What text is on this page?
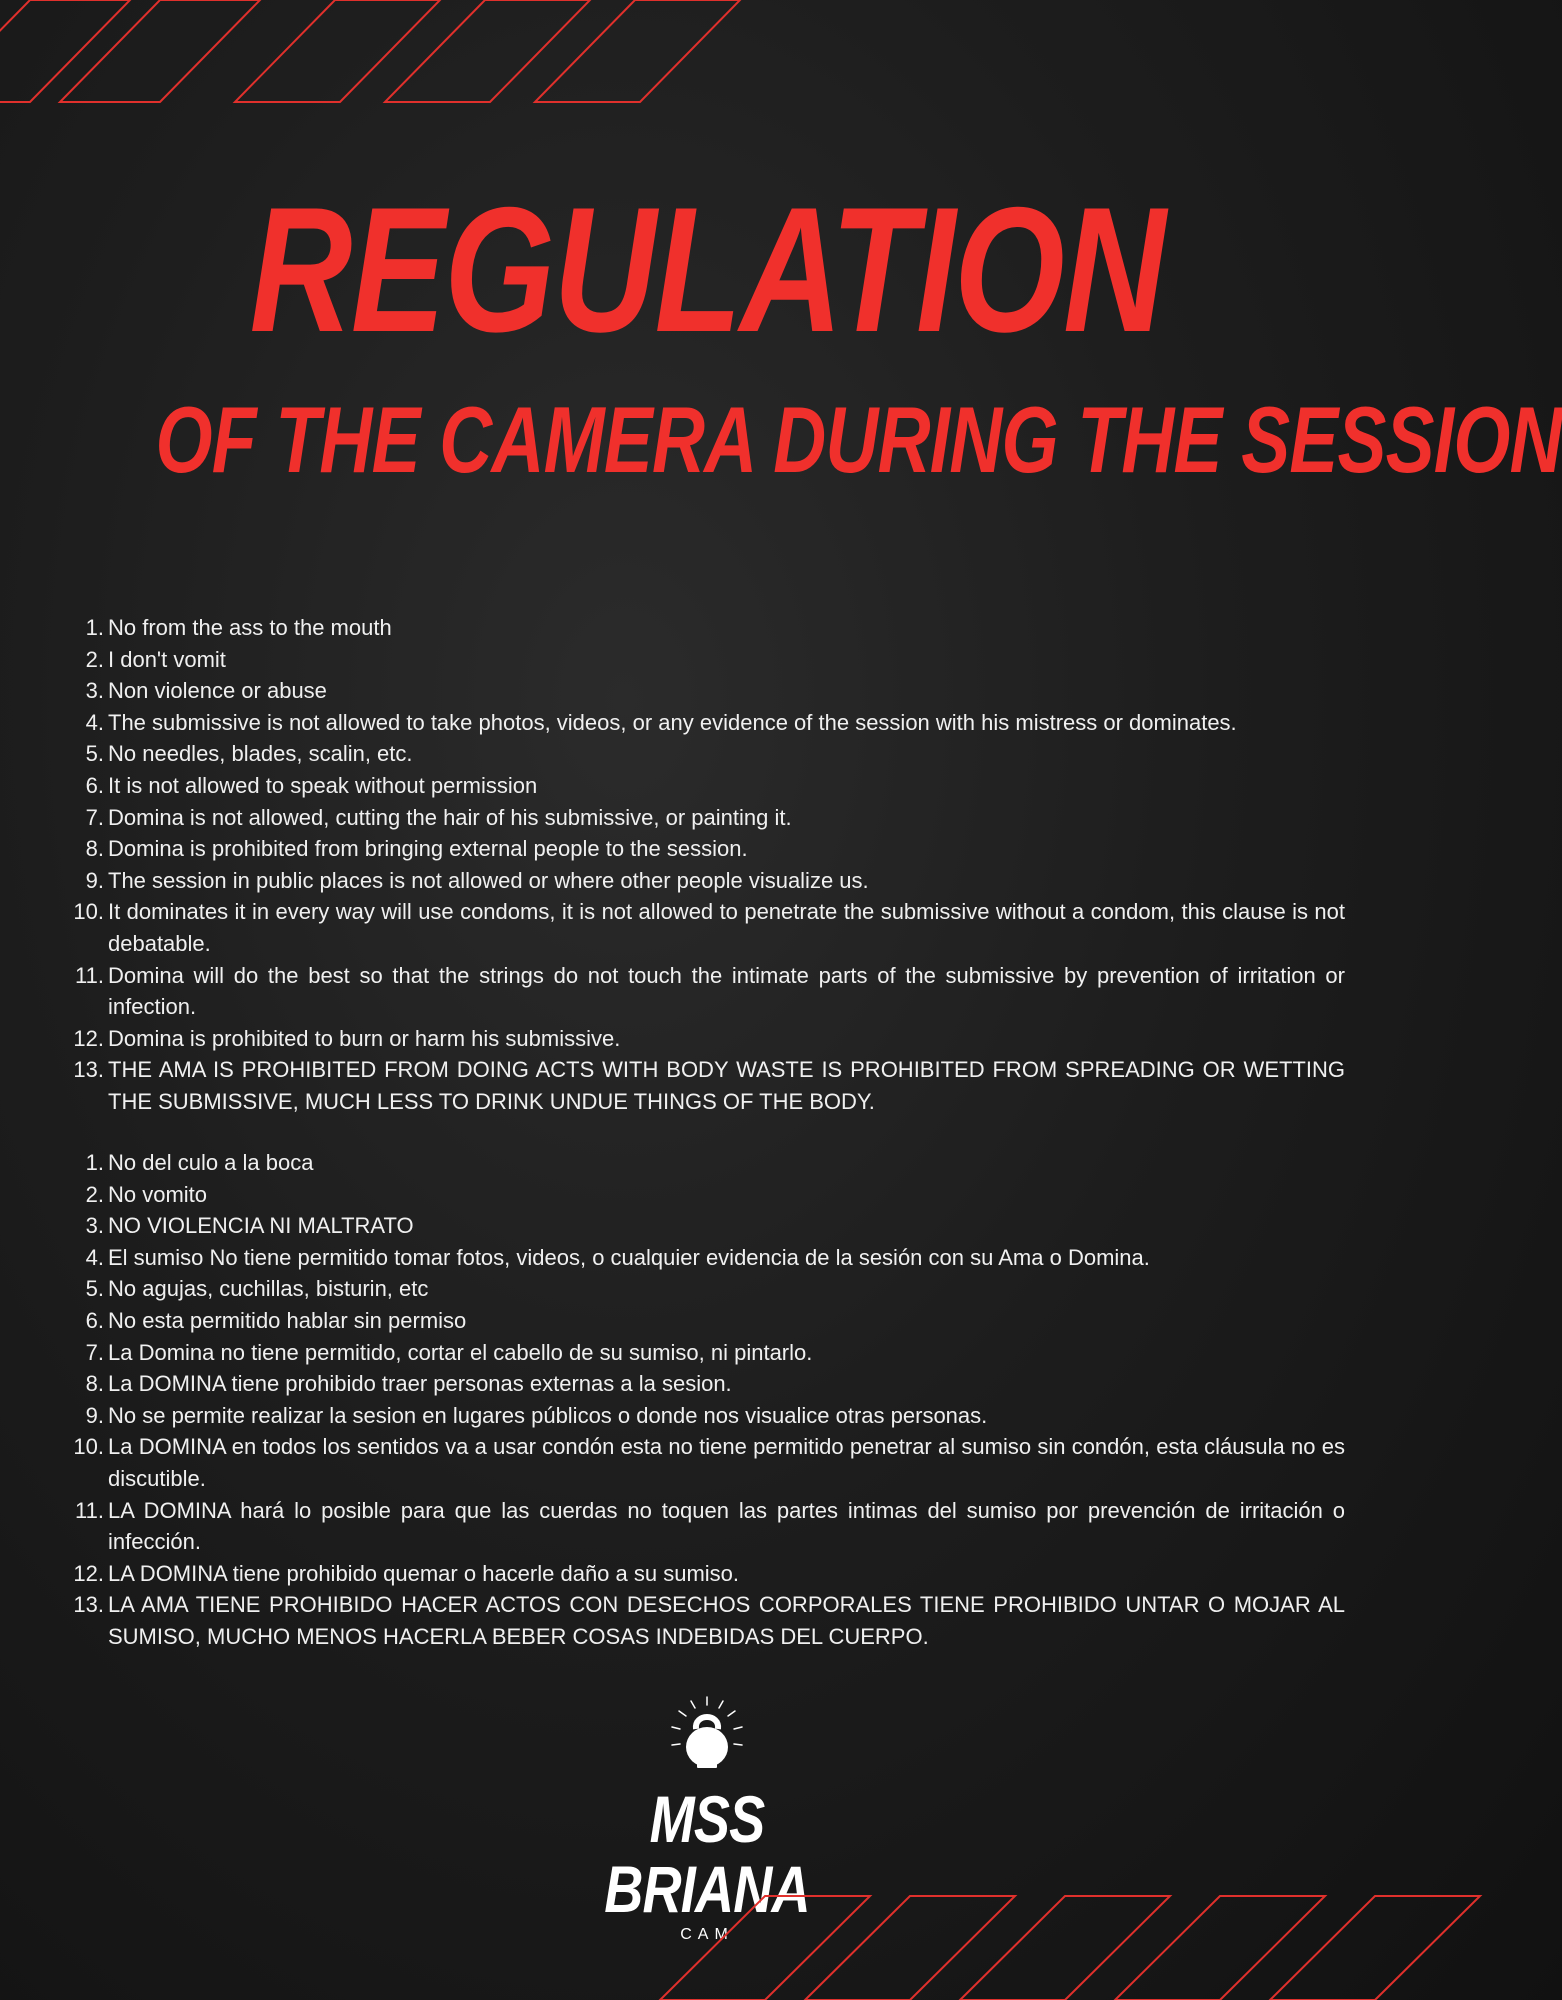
REGULATION
OF THE CAMERA DURING THE SESSION
1. No from the ass to the mouth
2. I don't vomit
3. Non violence or abuse
4. The submissive is not allowed to take photos, videos, or any evidence of the session with his mistress or dominates.
5. No needles, blades, scalin, etc.
6. It is not allowed to speak without permission
7. Domina is not allowed, cutting the hair of his submissive, or painting it.
8. Domina is prohibited from bringing external people to the session.
9. The session in public places is not allowed or where other people visualize us.
10. It dominates it in every way will use condoms, it is not allowed to penetrate the submissive without a condom, this clause is not debatable.
11. Domina will do the best so that the strings do not touch the intimate parts of the submissive by prevention of irritation or infection.
12. Domina is prohibited to burn or harm his submissive.
13. THE AMA IS PROHIBITED FROM DOING ACTS WITH BODY WASTE IS PROHIBITED FROM SPREADING OR WETTING THE SUBMISSIVE, MUCH LESS TO DRINK UNDUE THINGS OF THE BODY.
1. No del culo a la boca
2. No vomito
3. NO VIOLENCIA NI MALTRATO
4. El sumiso No tiene permitido tomar fotos, videos, o cualquier evidencia de la sesión con su Ama o Domina.
5. No agujas, cuchillas, bisturin, etc
6. No esta permitido hablar sin permiso
7. La Domina no tiene permitido, cortar el cabello de su sumiso, ni pintarlo.
8. La DOMINA tiene prohibido traer personas externas a la sesion.
9. No se permite realizar la sesion en lugares públicos o donde nos visualice otras personas.
10. La DOMINA en todos los sentidos va a usar condón esta no tiene permitido penetrar al sumiso sin condón, esta cláusula no es discutible.
11. LA DOMINA hará lo posible para que las cuerdas no toquen las partes intimas del sumiso por prevención de irritación o infección.
12. LA DOMINA tiene prohibido quemar o hacerle daño a su sumiso.
13. LA AMA TIENE PROHIBIDO HACER ACTOS CON DESECHOS CORPORALES TIENE PROHIBIDO UNTAR O MOJAR AL SUMISO, MUCHO MENOS HACERLA BEBER COSAS INDEBIDAS DEL CUERPO.
MSS BRIANA
CAM
